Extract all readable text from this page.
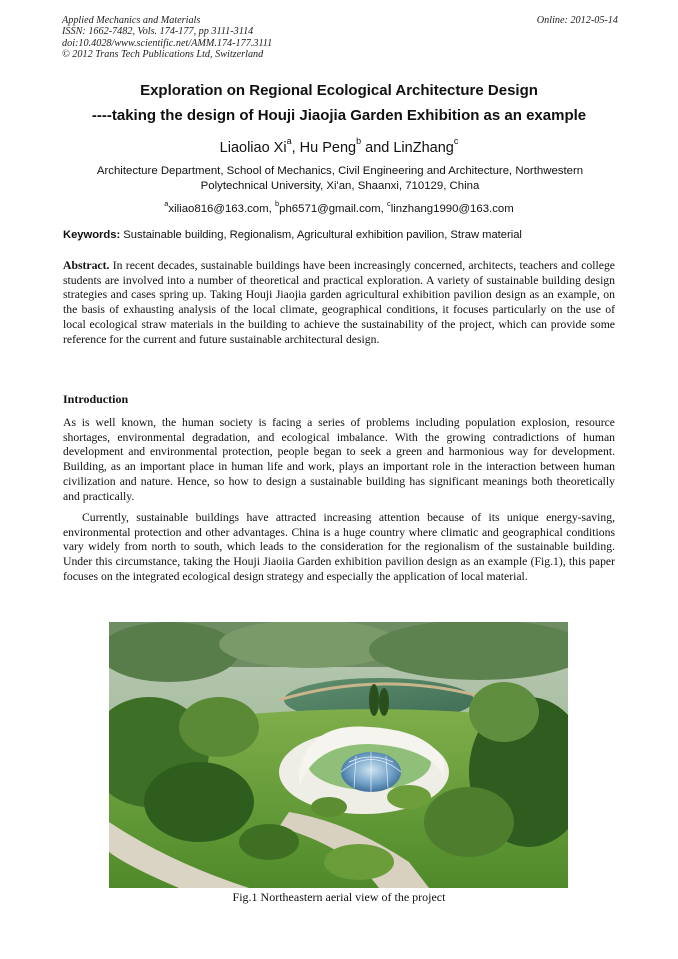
Applied Mechanics and Materials
ISSN: 1662-7482, Vols. 174-177, pp 3111-3114
doi:10.4028/www.scientific.net/AMM.174-177.3111
© 2012 Trans Tech Publications Ltd, Switzerland
Online: 2012-05-14
Exploration on Regional Ecological Architecture Design
----taking the design of Houji Jiaojia Garden Exhibition as an example
Liaoliao Xi$^a$, Hu Peng$^b$ and LinZhang$^c$
Architecture Department, School of Mechanics, Civil Engineering and Architecture, Northwestern
Polytechnical University, Xi'an, Shaanxi, 710129, China
$^a$xiliao816@163.com, $^b$ph6571@gmail.com, $^c$linzhang1990@163.com
Keywords: Sustainable building, Regionalism, Agricultural exhibition pavilion, Straw material
Abstract. In recent decades, sustainable buildings have been increasingly concerned, architects, teachers and college students are involved into a number of theoretical and practical exploration. A variety of sustainable building design strategies and cases spring up. Taking Houji Jiaojia garden agricultural exhibition pavilion design as an example, on the basis of exhausting analysis of the local climate, geographical conditions, it focuses particularly on the use of local ecological straw materials in the building to achieve the sustainability of the project, which can provide some reference for the current and future sustainable architectural design.
Introduction
As is well known, the human society is facing a series of problems including population explosion, resource shortages, environmental degradation, and ecological imbalance. With the growing contradictions of human development and environmental protection, people began to seek a green and harmonious way for development. Building, as an important place in human life and work, plays an important role in the interaction between human civilization and nature. Hence, so how to design a sustainable building has significant meanings both theoretically and practically.
Currently, sustainable buildings have attracted increasing attention because of its unique energy-saving, environmental protection and other advantages. China is a huge country where climatic and geographical conditions vary widely from north to south, which leads to the consideration for the regionalism of the sustainable building. Under this circumstance, taking the Houji Jiaoiia Garden exhibition pavilion design as an example (Fig.1), this paper focuses on the integrated ecological design strategy and especially the application of local material.
Fig.1 Northeastern aerial view of the project
